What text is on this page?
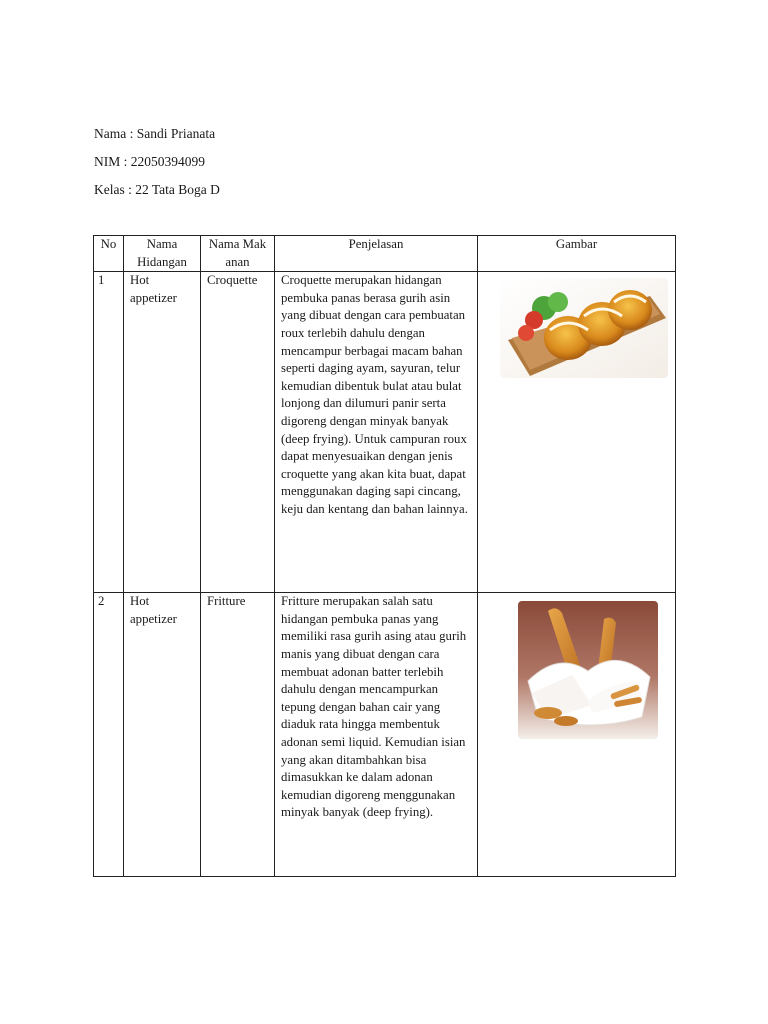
Nama : Sandi Prianata
NIM : 22050394099
Kelas : 22 Tata Boga D
No	Nama Hidangan	Nama Makanan	Penjelasan	Gambar
1	Hot appetizer	Croquette	Croquette merupakan hidangan pembuka panas berasa gurih asin yang dibuat dengan cara pembuatan roux terlebih dahulu dengan mencampur berbagai macam bahan seperti daging ayam, sayuran, telur kemudian dibentuk bulat atau bulat lonjong dan dilumuri panir serta digoreng dengan minyak banyak (deep frying). Untuk campuran roux dapat menyesuaikan dengan jenis croquette yang akan kita buat, dapat menggunakan daging sapi cincang, keju dan kentang dan bahan lainnya.	

2	Hot appetizer	Fritture	Fritture merupakan salah satu hidangan pembuka panas yang memiliki rasa gurih asing atau gurih manis yang dibuat dengan cara membuat adonan batter terlebih dahulu dengan mencampurkan tepung dengan bahan cair yang diaduk rata hingga membentuk adonan semi liquid. Kemudian isian yang akan ditambahkan bisa dimasukkan ke dalam adonan kemudian digoreng menggunakan minyak banyak (deep frying).	
